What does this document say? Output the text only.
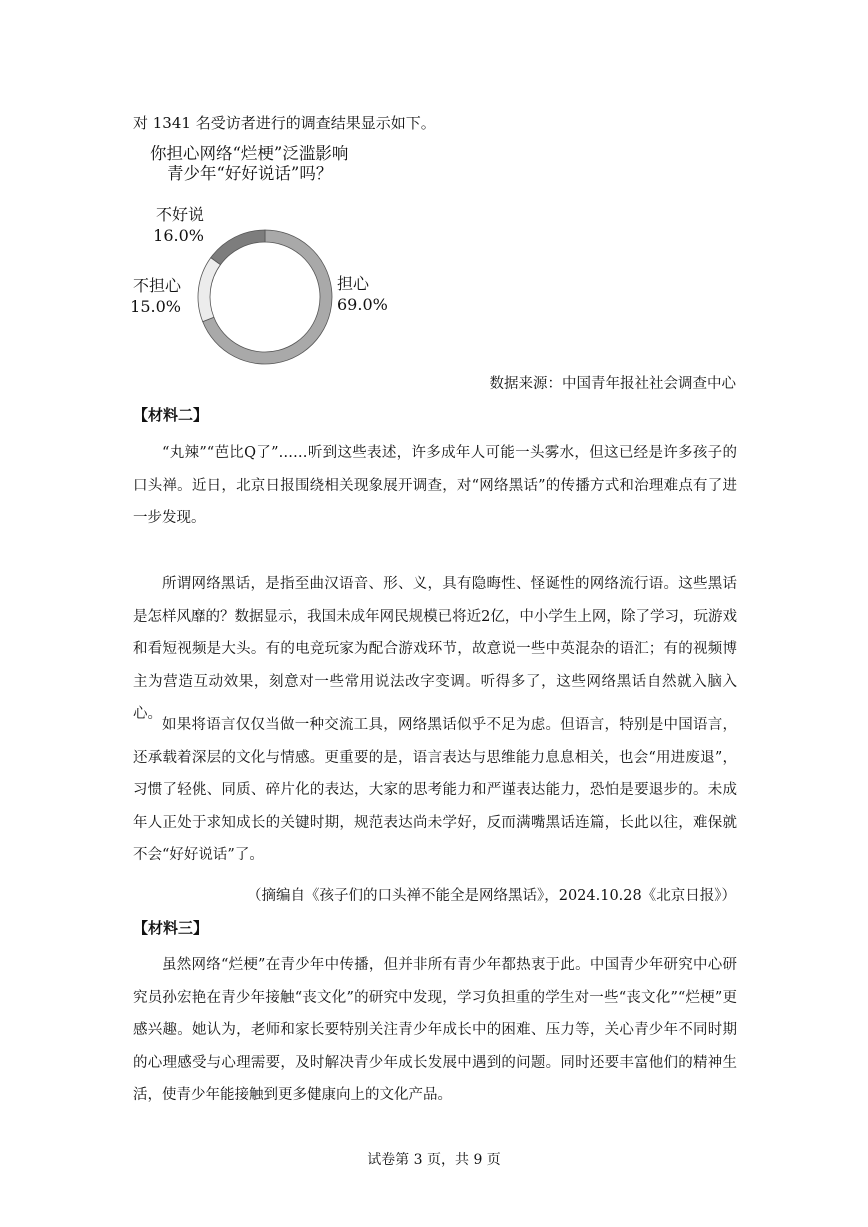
对 1341 名受访者进行的调查结果显示如下。
你担心网络“烂梗”泛滥影响
青少年“好好说话”吗？
担心
69.0%
不好说
16.0%
不担心
15.0%
数据来源：中国青年报社社会调查中心
【材料二】

“丸辣”“芭比Q了”……听到这些表述，许多成年人可能一头雾水，但这已经是许多孩子的口头禅。近日，北京日报围绕相关现象展开调查，对“网络黑话”的传播方式和治理难点有了进一步发现。

所谓网络黑话，是指至曲汉语音、形、义，具有隐晦性、怪诞性的网络流行语。这些黑话是怎样风靡的？数据显示，我国未成年网民规模已将近2亿，中小学生上网，除了学习，玩游戏和看短视频是大头。有的电竞玩家为配合游戏环节，故意说一些中英混杂的语汇；有的视频博主为营造互动效果，刻意对一些常用说法改字变调。听得多了，这些网络黑话自然就入脑入心。

如果将语言仅仅当做一种交流工具，网络黑话似乎不足为虑。但语言，特别是中国语言，还承载着深层的文化与情感。更重要的是，语言表达与思维能力息息相关，也会“用进废退”，习惯了轻佻、同质、碎片化的表达，大家的思考能力和严谨表达能力，恐怕是要退步的。未成年人正处于求知成长的关键时期，规范表达尚未学好，反而满嘴黑话连篇，长此以往，难保就不会“好好说话”了。

（摘编自《孩子们的口头禅不能全是网络黑话》，2024.10.28《北京日报》）
【材料三】

虽然网络“烂梗”在青少年中传播，但并非所有青少年都热衷于此。中国青少年研究中心研究员孙宏艳在青少年接触“丧文化”的研究中发现，学习负担重的学生对一些“丧文化”“烂梗”更感兴趣。她认为，老师和家长要特别关注青少年成长中的困难、压力等，关心青少年不同时期的心理感受与心理需要，及时解决青少年成长发展中遇到的问题。同时还要丰富他们的精神生活，使青少年能接触到更多健康向上的文化产品。

试卷第 3 页，共 9 页
